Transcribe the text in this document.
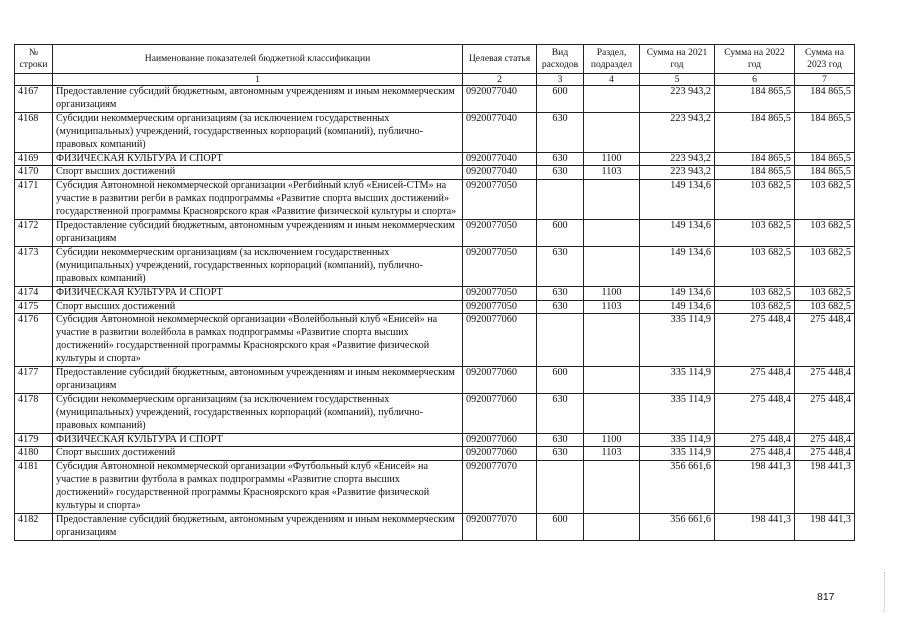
№ строки	Наименование показателей бюджетной классификации	Целевая статья	Вид расходов	Раздел, подраздел	Сумма на 2021 год	Сумма на 2022 год	Сумма на 2023 год
	1	2	3	4	5	6	7
4167	Предоставление субсидий бюджетным, автономным учреждениям и иным некоммерческим организациям	0920077040	600		223 943,2	184 865,5	184 865,5
4168	Субсидии некоммерческим организациям (за исключением государственных (муниципальных) учреждений, государственных корпораций (компаний), публично-правовых компаний)	0920077040	630		223 943,2	184 865,5	184 865,5
4169	ФИЗИЧЕСКАЯ КУЛЬТУРА И СПОРТ	0920077040	630	1100	223 943,2	184 865,5	184 865,5
4170	Спорт высших достижений	0920077040	630	1103	223 943,2	184 865,5	184 865,5
4171	Субсидия Автономной некоммерческой организации «Регбийный клуб «Енисей-СТМ» на участие в развитии регби в рамках подпрограммы «Развитие спорта высших достижений» государственной программы Красноярского края «Развитие физической культуры и спорта»	0920077050			149 134,6	103 682,5	103 682,5
4172	Предоставление субсидий бюджетным, автономным учреждениям и иным некоммерческим организациям	0920077050	600		149 134,6	103 682,5	103 682,5
4173	Субсидии некоммерческим организациям (за исключением государственных (муниципальных) учреждений, государственных корпораций (компаний), публично-правовых компаний)	0920077050	630		149 134,6	103 682,5	103 682,5
4174	ФИЗИЧЕСКАЯ КУЛЬТУРА И СПОРТ	0920077050	630	1100	149 134,6	103 682,5	103 682,5
4175	Спорт высших достижений	0920077050	630	1103	149 134,6	103 682,5	103 682,5
4176	Субсидия Автономной некоммерческой организации «Волейбольный клуб «Енисей» на участие в развитии волейбола в рамках подпрограммы «Развитие спорта высших достижений» государственной программы Красноярского края «Развитие физической культуры и спорта»	0920077060			335 114,9	275 448,4	275 448,4
4177	Предоставление субсидий бюджетным, автономным учреждениям и иным некоммерческим организациям	0920077060	600		335 114,9	275 448,4	275 448,4
4178	Субсидии некоммерческим организациям (за исключением государственных (муниципальных) учреждений, государственных корпораций (компаний), публично-правовых компаний)	0920077060	630		335 114,9	275 448,4	275 448,4
4179	ФИЗИЧЕСКАЯ КУЛЬТУРА И СПОРТ	0920077060	630	1100	335 114,9	275 448,4	275 448,4
4180	Спорт высших достижений	0920077060	630	1103	335 114,9	275 448,4	275 448,4
4181	Субсидия Автономной некоммерческой организации «Футбольный клуб «Енисей» на участие в развитии футбола в рамках подпрограммы «Развитие спорта высших достижений» государственной программы Красноярского края «Развитие физической культуры и спорта»	0920077070			356 661,6	198 441,3	198 441,3
4182	Предоставление субсидий бюджетным, автономным учреждениям и иным некоммерческим организациям	0920077070	600		356 661,6	198 441,3	198 441,3
817
